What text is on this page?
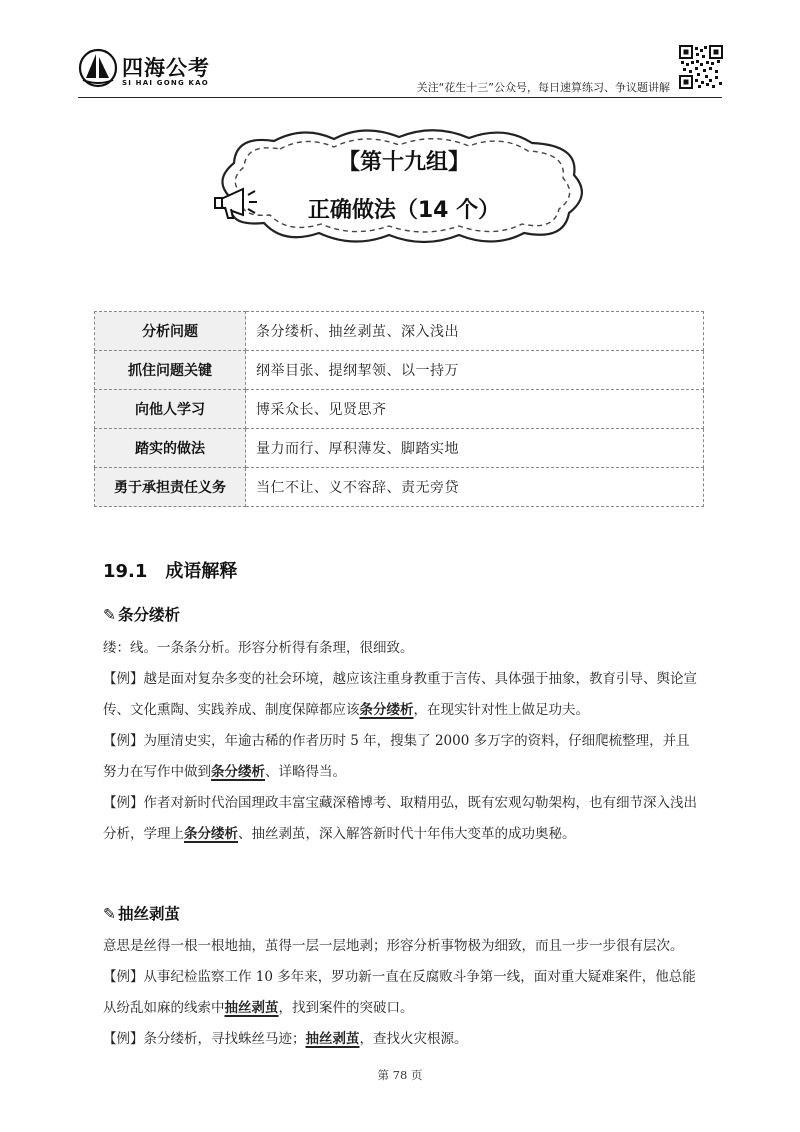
四海公考
SI HAI GONG KAO	关注“花生十三”公众号，每日速算练习、争议题讲解
【第十九组】
正确做法（14 个）
分析问题	条分缕析、抽丝剥茧、深入浅出
抓住问题关键	纲举目张、提纲挈领、以一持万
向他人学习	博采众长、见贤思齐
踏实的做法	量力而行、厚积薄发、脚踏实地
勇于承担责任义务	当仁不让、义不容辞、责无旁贷
19.1 成语解释
✎ 条分缕析
缕：线。一条条分析。形容分析得有条理，很细致。
【例】越是面对复杂多变的社会环境，越应该注重身教重于言传、具体强于抽象，教育引导、舆论宣传、文化熏陶、实践养成、制度保障都应该条分缕析，在现实针对性上做足功夫。
【例】为厘清史实，年逾古稀的作者历时 5 年，搜集了 2000 多万字的资料，仔细爬梳整理，并且努力在写作中做到条分缕析、详略得当。
【例】作者对新时代治国理政丰富宝藏深稽博考、取精用弘，既有宏观勾勒架构，也有细节深入浅出分析，学理上条分缕析、抽丝剥茧，深入解答新时代十年伟大变革的成功奥秘。
✎ 抽丝剥茧
意思是丝得一根一根地抽，茧得一层一层地剥；形容分析事物极为细致，而且一步一步很有层次。
【例】从事纪检监察工作 10 多年来，罗功新一直在反腐败斗争第一线，面对重大疑难案件，他总能从纷乱如麻的线索中抽丝剥茧，找到案件的突破口。
【例】条分缕析，寻找蛛丝马迹；抽丝剥茧，查找火灾根源。
第 78 页
